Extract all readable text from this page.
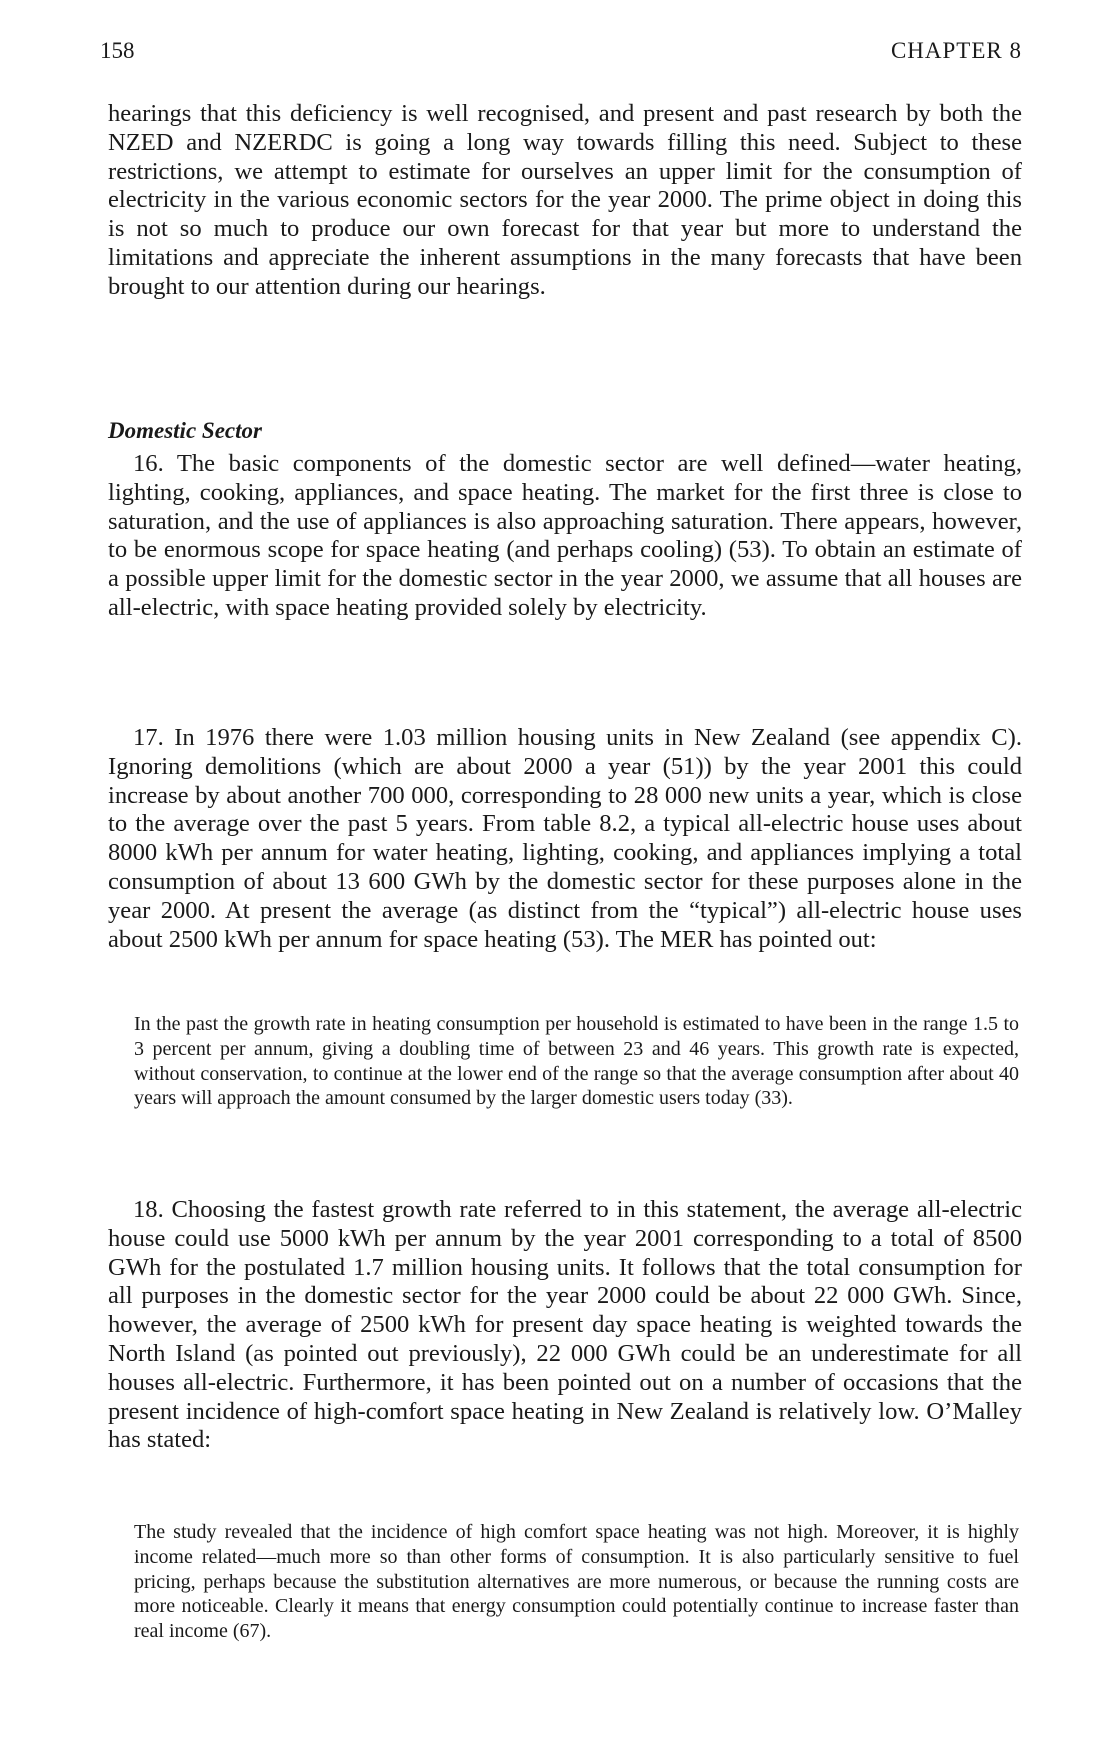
158	CHAPTER 8

hearings that this deficiency is well recognised, and present and past research by both the NZED and NZERDC is going a long way towards filling this need. Subject to these restrictions, we attempt to estimate for ourselves an upper limit for the consumption of electricity in the various economic sectors for the year 2000. The prime object in doing this is not so much to produce our own forecast for that year but more to understand the limitations and appreciate the inherent assumptions in the many forecasts that have been brought to our attention during our hearings.

Domestic Sector

16. The basic components of the domestic sector are well defined—water heating, lighting, cooking, appliances, and space heating. The market for the first three is close to saturation, and the use of appliances is also approaching saturation. There appears, however, to be enormous scope for space heating (and perhaps cooling) (53). To obtain an estimate of a possible upper limit for the domestic sector in the year 2000, we assume that all houses are all-electric, with space heating provided solely by electricity.

17. In 1976 there were 1.03 million housing units in New Zealand (see appendix C). Ignoring demolitions (which are about 2000 a year (51)) by the year 2001 this could increase by about another 700 000, corresponding to 28 000 new units a year, which is close to the average over the past 5 years. From table 8.2, a typical all-electric house uses about 8000 kWh per annum for water heating, lighting, cooking, and appliances implying a total consumption of about 13 600 GWh by the domestic sector for these purposes alone in the year 2000. At present the average (as distinct from the “typical”) all-electric house uses about 2500 kWh per annum for space heating (53). The MER has pointed out:

In the past the growth rate in heating consumption per household is estimated to have been in the range 1.5 to 3 percent per annum, giving a doubling time of between 23 and 46 years. This growth rate is expected, without conservation, to continue at the lower end of the range so that the average consumption after about 40 years will approach the amount consumed by the larger domestic users today (33).

18. Choosing the fastest growth rate referred to in this statement, the average all-electric house could use 5000 kWh per annum by the year 2001 corresponding to a total of 8500 GWh for the postulated 1.7 million housing units. It follows that the total consumption for all purposes in the domestic sector for the year 2000 could be about 22 000 GWh. Since, however, the average of 2500 kWh for present day space heating is weighted towards the North Island (as pointed out previously), 22 000 GWh could be an underestimate for all houses all-electric. Furthermore, it has been pointed out on a number of occasions that the present incidence of high-comfort space heating in New Zealand is relatively low. O’Malley has stated:

The study revealed that the incidence of high comfort space heating was not high. Moreover, it is highly income related—much more so than other forms of consumption. It is also particularly sensitive to fuel pricing, perhaps because the substitution alternatives are more numerous, or because the running costs are more noticeable. Clearly it means that energy consumption could potentially continue to increase faster than real income (67).
